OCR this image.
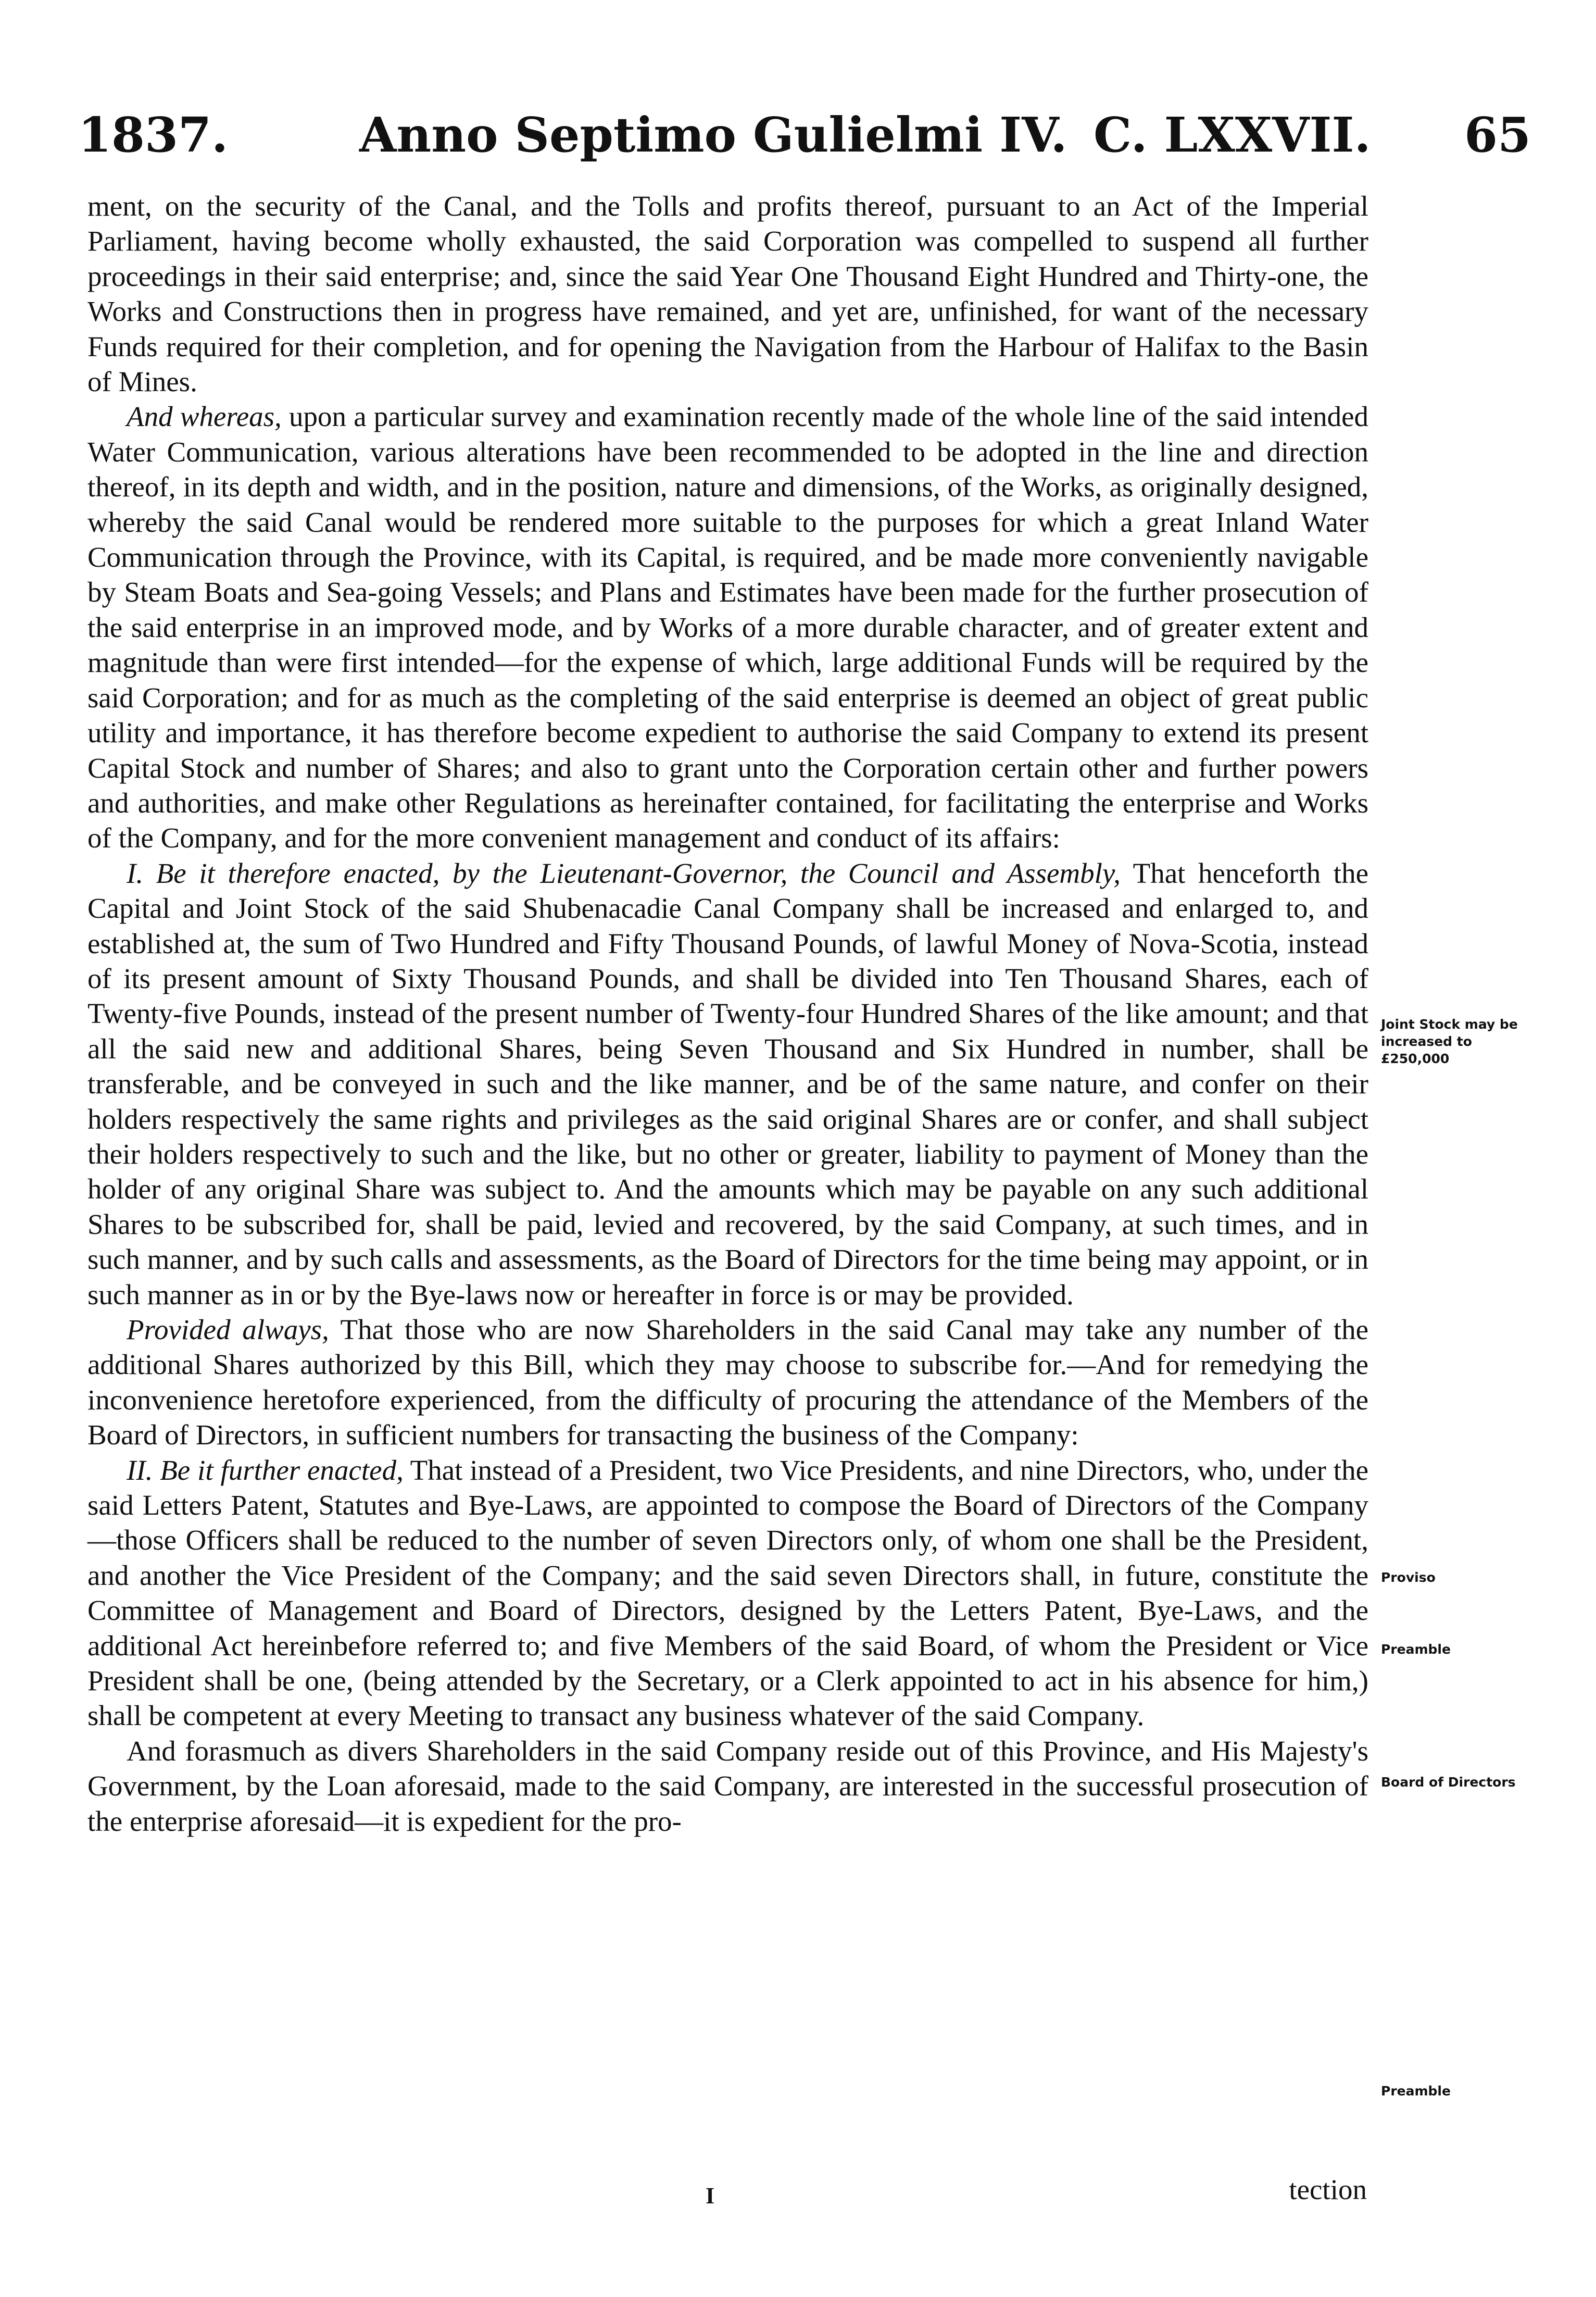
1837.	Anno Septimo Gulielmi IV. C. LXXVII. 65

ment, on the security of the Canal, and the Tolls and profits thereof, pursuant to an Act of the Imperial Parliament, having become wholly exhausted, the said Corporation was compelled to suspend all further proceedings in their said enterprise; and, since the said Year One Thousand Eight Hundred and Thirty-one, the Works and Constructions then in progress have remained, and yet are, unfinished, for want of the necessary Funds required for their completion, and for opening the Navigation from the Harbour of Halifax to the Basin of Mines.

And whereas, upon a particular survey and examination recently made of the whole line of the said intended Water Communication, various alterations have been recommended to be adopted in the line and direction thereof, in its depth and width, and in the position, nature and dimensions, of the Works, as originally designed, whereby the said Canal would be rendered more suitable to the purposes for which a great Inland Water Communication through the Province, with its Capital, is required, and be made more conveniently navigable by Steam Boats and Sea-going Vessels; and Plans and Estimates have been made for the further prosecution of the said enterprise in an improved mode, and by Works of a more durable character, and of greater extent and magnitude than were first intended—for the expense of which, large additional Funds will be required by the said Corporation; and for as much as the completing of the said enterprise is deemed an object of great public utility and importance, it has therefore become expedient to authorise the said Company to extend its present Capital Stock and number of Shares; and also to grant unto the Corporation certain other and further powers and authorities, and make other Regulations as hereinafter contained, for facilitating the enterprise and Works of the Company, and for the more convenient management and conduct of its affairs:

I. Be it therefore enacted, by the Lieutenant-Governor, the Council and Assembly, That henceforth the Capital and Joint Stock of the said Shubenacadie Canal Company shall be increased and enlarged to, and established at, the sum of Two Hundred and Fifty Thousand Pounds, of lawful Money of Nova-Scotia, instead of its present amount of Sixty Thousand Pounds, and shall be divided into Ten Thousand Shares, each of Twenty-five Pounds, instead of the present number of Twenty-four Hundred Shares of the like amount; and that all the said new and additional Shares, being Seven Thousand and Six Hundred in number, shall be transferable, and be conveyed in such and the like manner, and be of the same nature, and confer on their holders respectively the same rights and privileges as the said original Shares are or confer, and shall subject their holders respectively to such and the like, but no other or greater, liability to payment of Money than the holder of any original Share was subject to. And the amounts which may be payable on any such additional Shares to be subscribed for, shall be paid, levied and recovered, by the said Company, at such times, and in such manner, and by such calls and assessments, as the Board of Directors for the time being may appoint, or in such manner as in or by the Bye-laws now or hereafter in force is or may be provided.

Provided always, That those who are now Shareholders in the said Canal may take any number of the additional Shares authorized by this Bill, which they may choose to subscribe for.—And for remedying the inconvenience heretofore experienced, from the difficulty of procuring the attendance of the Members of the Board of Directors, in sufficient numbers for transacting the business of the Company:

II. Be it further enacted, That instead of a President, two Vice Presidents, and nine Directors, who, under the said Letters Patent, Statutes and Bye-Laws, are appointed to compose the Board of Directors of the Company—those Officers shall be reduced to the number of seven Directors only, of whom one shall be the President, and another the Vice President of the Company; and the said seven Directors shall, in future, constitute the Committee of Management and Board of Directors, designed by the Letters Patent, Bye-Laws, and the additional Act hereinbefore referred to; and five Members of the said Board, of whom the President or Vice President shall be one, (being attended by the Secretary, or a Clerk appointed to act in his absence for him,) shall be competent at every Meeting to transact any business whatever of the said Company.

And forasmuch as divers Shareholders in the said Company reside out of this Province, and His Majesty's Government, by the Loan aforesaid, made to the said Company, are interested in the successful prosecution of the enterprise aforesaid—it is expedient for the pro-

Joint Stock may be increased to £250,000
Proviso
Preamble
Board of Directors
Preamble
I	tection
